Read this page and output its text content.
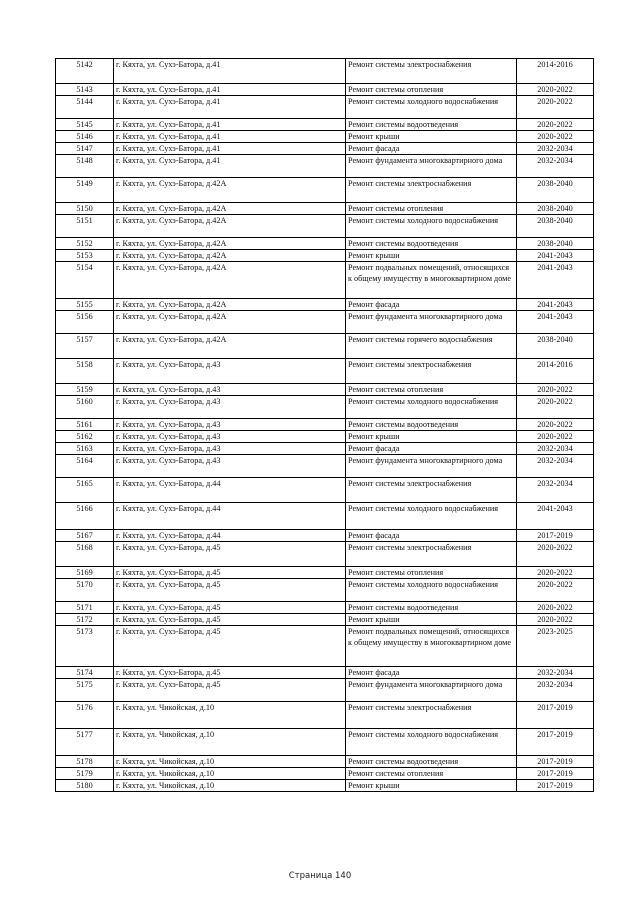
5142	г. Кяхта, ул. Сухэ-Батора, д.41	Ремонт системы электроснабжения	2014-2016
5143	г. Кяхта, ул. Сухэ-Батора, д.41	Ремонт системы отопления	2020-2022
5144	г. Кяхта, ул. Сухэ-Батора, д.41	Ремонт системы холодного водоснабжения	2020-2022
5145	г. Кяхта, ул. Сухэ-Батора, д.41	Ремонт системы водоотведения	2020-2022
5146	г. Кяхта, ул. Сухэ-Батора, д.41	Ремонт крыши	2020-2022
5147	г. Кяхта, ул. Сухэ-Батора, д.41	Ремонт фасада	2032-2034
5148	г. Кяхта, ул. Сухэ-Батора, д.41	Ремонт фундамента многоквартирного дома	2032-2034
5149	г. Кяхта, ул. Сухэ-Батора, д.42А	Ремонт системы электроснабжения	2038-2040
5150	г. Кяхта, ул. Сухэ-Батора, д.42А	Ремонт системы отопления	2038-2040
5151	г. Кяхта, ул. Сухэ-Батора, д.42А	Ремонт системы холодного водоснабжения	2038-2040
5152	г. Кяхта, ул. Сухэ-Батора, д.42А	Ремонт системы водоотведения	2038-2040
5153	г. Кяхта, ул. Сухэ-Батора, д.42А	Ремонт крыши	2041-2043
5154	г. Кяхта, ул. Сухэ-Батора, д.42А	Ремонт подвальных помещений, относящихся к общему имуществу в многоквартирном доме	2041-2043
5155	г. Кяхта, ул. Сухэ-Батора, д.42А	Ремонт фасада	2041-2043
5156	г. Кяхта, ул. Сухэ-Батора, д.42А	Ремонт фундамента многоквартирного дома	2041-2043
5157	г. Кяхта, ул. Сухэ-Батора, д.42А	Ремонт системы горячего водоснабжения	2038-2040
5158	г. Кяхта, ул. Сухэ-Батора, д.43	Ремонт системы электроснабжения	2014-2016
5159	г. Кяхта, ул. Сухэ-Батора, д.43	Ремонт системы отопления	2020-2022
5160	г. Кяхта, ул. Сухэ-Батора, д.43	Ремонт системы холодного водоснабжения	2020-2022
5161	г. Кяхта, ул. Сухэ-Батора, д.43	Ремонт системы водоотведения	2020-2022
5162	г. Кяхта, ул. Сухэ-Батора, д.43	Ремонт крыши	2020-2022
5163	г. Кяхта, ул. Сухэ-Батора, д.43	Ремонт фасада	2032-2034
5164	г. Кяхта, ул. Сухэ-Батора, д.43	Ремонт фундамента многоквартирного дома	2032-2034
5165	г. Кяхта, ул. Сухэ-Батора, д.44	Ремонт системы электроснабжения	2032-2034
5166	г. Кяхта, ул. Сухэ-Батора, д.44	Ремонт системы холодного водоснабжения	2041-2043
5167	г. Кяхта, ул. Сухэ-Батора, д.44	Ремонт фасада	2017-2019
5168	г. Кяхта, ул. Сухэ-Батора, д.45	Ремонт системы электроснабжения	2020-2022
5169	г. Кяхта, ул. Сухэ-Батора, д.45	Ремонт системы отопления	2020-2022
5170	г. Кяхта, ул. Сухэ-Батора, д.45	Ремонт системы холодного водоснабжения	2020-2022
5171	г. Кяхта, ул. Сухэ-Батора, д.45	Ремонт системы водоотведения	2020-2022
5172	г. Кяхта, ул. Сухэ-Батора, д.45	Ремонт крыши	2020-2022
5173	г. Кяхта, ул. Сухэ-Батора, д.45	Ремонт подвальных помещений, относящихся к общему имуществу в многоквартирном доме	2023-2025
5174	г. Кяхта, ул. Сухэ-Батора, д.45	Ремонт фасада	2032-2034
5175	г. Кяхта, ул. Сухэ-Батора, д.45	Ремонт фундамента многоквартирного дома	2032-2034
5176	г. Кяхта, ул. Чикойская, д.10	Ремонт системы электроснабжения	2017-2019
5177	г. Кяхта, ул. Чикойская, д.10	Ремонт системы холодного водоснабжения	2017-2019
5178	г. Кяхта, ул. Чикойская, д.10	Ремонт системы водоотведения	2017-2019
5179	г. Кяхта, ул. Чикойская, д.10	Ремонт системы отопления	2017-2019
5180	г. Кяхта, ул. Чикойская, д.10	Ремонт крыши	2017-2019
Страница 140
